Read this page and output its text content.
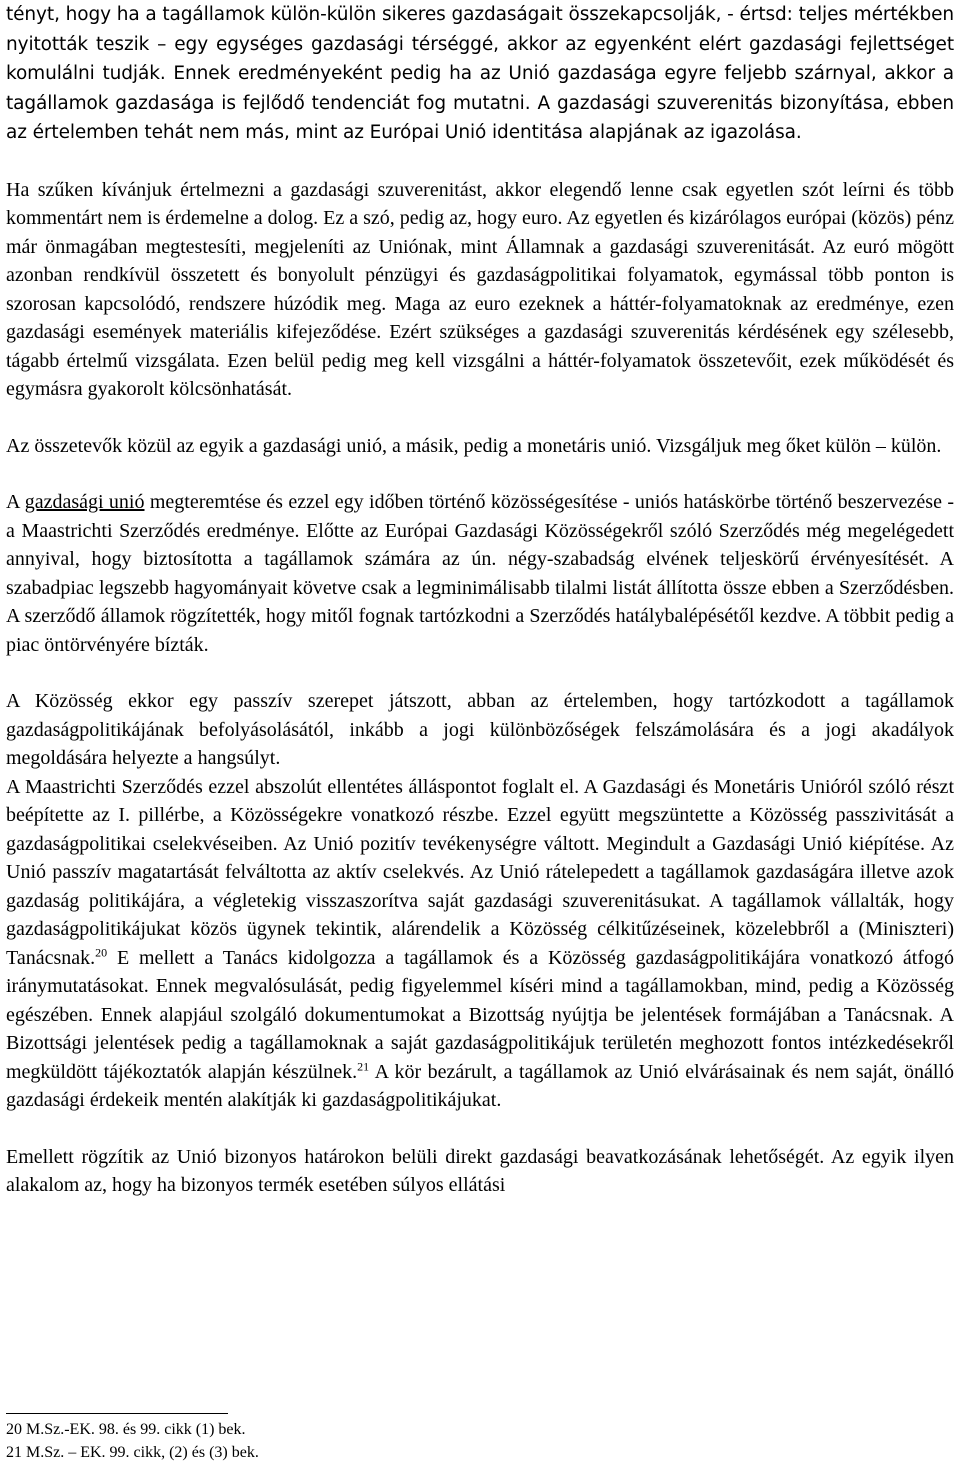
tényt, hogy ha a tagállamok külön-külön sikeres gazdaságait összekapcsolják, - értsd: teljes mértékben nyitották teszik – egy egységes gazdasági térséggé, akkor az egyenként elért gazdasági fejlettséget komulálni tudják. Ennek eredményeként pedig ha az Unió gazdasága egyre feljebb szárnyal, akkor a tagállamok gazdasága is fejlődő tendenciát fog mutatni. A gazdasági szuverenitás bizonyítása, ebben az értelemben tehát nem más, mint az Európai Unió identitása alapjának az igazolása.

Ha szűken kívánjuk értelmezni a gazdasági szuverenitást, akkor elegendő lenne csak egyetlen szót leírni és több kommentárt nem is érdemelne a dolog. Ez a szó, pedig az, hogy euro. Az egyetlen és kizárólagos európai (közös) pénz már önmagában megtestesíti, megjeleníti az Uniónak, mint Államnak a gazdasági szuverenitását. Az euró mögött azonban rendkívül összetett és bonyolult pénzügyi és gazdaságpolitikai folyamatok, egymással több ponton is szorosan kapcsolódó, rendszere húzódik meg. Maga az euro ezeknek a háttér-folyamatoknak az eredménye, ezen gazdasági események materiális kifejeződése. Ezért szükséges a gazdasági szuverenitás kérdésének egy szélesebb, tágabb értelmű vizsgálata. Ezen belül pedig meg kell vizsgálni a háttér-folyamatok összetevőit, ezek működését és egymásra gyakorolt kölcsönhatását.

Az összetevők közül az egyik a gazdasági unió, a másik, pedig a monetáris unió. Vizsgáljuk meg őket külön – külön.

A gazdasági unió megteremtése és ezzel egy időben történő közösségesítése - uniós hatáskörbe történő beszervezése - a Maastrichti Szerződés eredménye. Előtte az Európai Gazdasági Közösségekről szóló Szerződés még megelégedett annyival, hogy biztosította a tagállamok számára az ún. négy-szabadság elvének teljeskörű érvényesítését. A szabadpiac legszebb hagyományait követve csak a legminimálisabb tilalmi listát állította össze ebben a Szerződésben. A szerződő államok rögzítették, hogy mitől fognak tartózkodni a Szerződés hatálybalépésétől kezdve. A többit pedig a piac öntörvényére bízták.

A Közösség ekkor egy passzív szerepet játszott, abban az értelemben, hogy tartózkodott a tagállamok gazdaságpolitikájának befolyásolásától, inkább a jogi különbözőségek felszámolására és a jogi akadályok megoldására helyezte a hangsúlyt.

A Maastrichti Szerződés ezzel abszolút ellentétes álláspontot foglalt el. A Gazdasági és Monetáris Unióról szóló részt beépítette az I. pillérbe, a Közösségekre vonatkozó részbe. Ezzel együtt megszüntette a Közösség passzivitását a gazdaságpolitikai cselekvéseiben. Az Unió pozitív tevékenységre váltott. Megindult a Gazdasági Unió kiépítése. Az Unió passzív magatartását felváltotta az aktív cselekvés. Az Unió rátelepedett a tagállamok gazdaságára illetve azok gazdaság politikájára, a végletekig visszaszorítva saját gazdasági szuverenitásukat. A tagállamok vállalták, hogy gazdaságpolitikájukat közös ügynek tekintik, alárendelik a Közösség célkitűzéseinek, közelebbről a (Miniszteri) Tanácsnak.$^{20}$ E mellett a Tanács kidolgozza a tagállamok és a Közösség gazdaságpolitikájára vonatkozó átfogó iránymutatásokat. Ennek megvalósulását, pedig figyelemmel kíséri mind a tagállamokban, mind, pedig a Közösség egészében. Ennek alapjául szolgáló dokumentumokat a Bizottság nyújtja be jelentések formájában a Tanácsnak. A Bizottsági jelentések pedig a tagállamoknak a saját gazdaságpolitikájuk területén meghozott fontos intézkedésekről megküldött tájékoztatók alapján készülnek.$^{21}$ A kör bezárult, a tagállamok az Unió elvárásainak és nem saját, önálló gazdasági érdekeik mentén alakítják ki gazdaságpolitikájukat.

Emellett rögzítik az Unió bizonyos határokon belüli direkt gazdasági beavatkozásának lehetőségét. Az egyik ilyen alakalom az, hogy ha bizonyos termék esetében súlyos ellátási

20 M.Sz.-EK. 98. és 99. cikk (1) bek.

21 M.Sz. – EK. 99. cikk, (2) és (3) bek.
